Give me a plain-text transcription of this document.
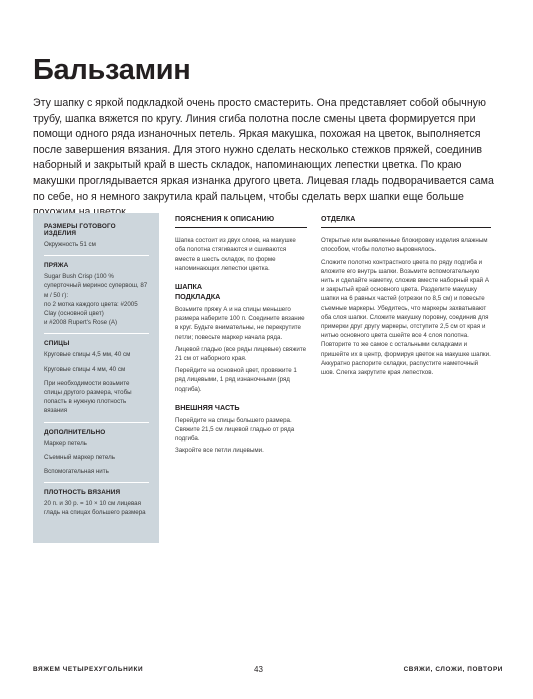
Бальзамин

Эту шапку с яркой подкладкой очень просто смастерить. Она представляет собой обычную трубу, шапка вяжется по кругу. Линия сгиба полотна после смены цвета формируется при помощи одного ряда изнаночных петель. Яркая макушка, похожая на цветок, выполняется после завершения вязания. Для этого нужно сделать несколько стежков пряжей, соединив наборный и закрытый край в шесть складок, напоминающих лепестки цветка. По краю макушки проглядывается яркая изнанка другого цвета. Лицевая гладь подворачивается сама по себе, но я немного закрутила край пальцем, чтобы сделать верх шапки еще больше

РАЗМЕРЫ ГОТОВОГО ИЗДЕЛИЯ

Окружность 51 см

ПРЯЖА

Sugar Bush Crisp (100 % суперточный меринос супервош, 87 м / 50 г):

по 2 мотка каждого цвета: #2005 Clay (основной цвет)

и #2008 Rupert's Rose (A)

СПИЦЫ

Круговые спицы 4,5 мм, 40 см

Круговые спицы 4 мм, 40 см

При необходимости возьмите спицы другого размера, чтобы попасть в нужную плотность вязания

ДОПОЛНИТЕЛЬНО

Маркер петель

Съемный маркер петель

Вспомогательная нить

ПЛОТНОСТЬ ВЯЗАНИЯ

20 п. и 30 р. = 10 × 10 см лицевая гладь на спицах большего размера

ПОЯСНЕНИЯ К ОПИСАНИЮ

Шапка состоит из двух слоев, на макушке оба полотна стягиваются и сшиваются вместе в шесть складок, по форме напоминающих лепестки цветка.

ШАПКА
ПОДКЛАДКА

Возьмите пряжу А и на спицы меньшего размера наберите 100 п. Соедините вязание в круг. Будьте внимательны, не перекрутите петли; повесьте маркер начала ряда.

Лицевой гладью (все ряды лицевые) свяжите 21 см от наборного края.

Перейдите на основной цвет, провяжите 1 ряд лицевыми, 1 ряд изнаночными (ряд подгиба).

ВНЕШНЯЯ ЧАСТЬ

Перейдите на спицы большего размера. Свяжите 21,5 см лицевой гладью от ряда подгиба.

Закройте все петли лицевыми.

ОТДЕЛКА

Открытые или выявленные блокировку изделия влажным способом, чтобы полотно выровнялось.

Сложите полотно контрастного цвета по ряду подгиба и вложите его внутрь шапки. Возьмите вспомогательную нить и сделайте наметку, сложив вместе наборный край А и закрытый край основного цвета. Разделите макушку шапки на 6 равных частей (отрезки по 8,5 см) и повесьте съемные маркеры. Убедитесь, что маркеры захватывают оба слоя шапки. Сложите макушку поровну, соединив для примерки друг другу маркеры, отступите 2,5 см от края и нитью основного цвета сшейте все 4 слоя полотна. Повторите то же самое с остальными складками и пришейте их в центр, формируя цветок на макушке шапки. Аккуратно распорите складки, распустите наметочный шов. Слегка закрутите края лепестков.

ВЯЖЕМ ЧЕТЫРЕХУГОЛЬНИКИ	43	СВЯЖИ, СЛОЖИ, ПОВТОРИ
